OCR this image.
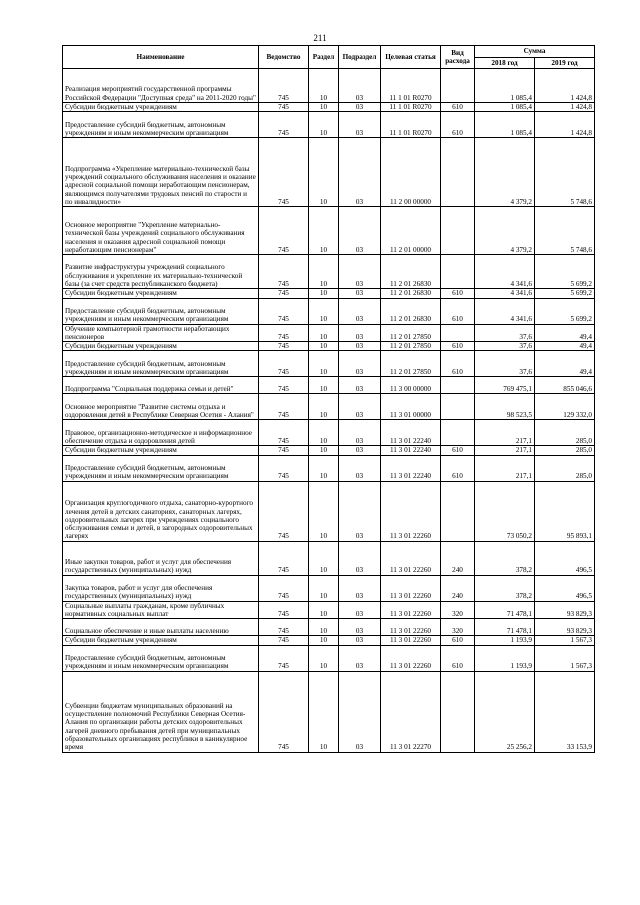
211
Наименование	Ведомство	Раздел	Подраздел	Целевая статья	Вид расхода	Сумма	
						2018 год	2019 год
Реализация мероприятий государственной программы Российской Федерации "Доступная среда" на 2011-2020 годы"	745	10	03	11 1 01 R0270		1 085,4	1 424,8
Субсидии бюджетным учреждениям	745	10	03	11 1 01 R0270	610	1 085,4	1 424,8
Предоставление субсидий бюджетным, автономным учреждениям и иным некоммерческим организациям	745	10	03	11 1 01 R0270	610	1 085,4	1 424,8
Подпрограмма «Укрепление материально-технической базы учреждений социального обслуживания населения и оказание адресной социальной помощи неработающим пенсионерам, являющимся получателями трудовых пенсий по старости и по инвалидности»	745	10	03	11 2 00 00000		4 379,2	5 748,6
Основное мероприятие "Укрепление материально-технической базы учреждений социального обслуживания населения и оказания адресной социальной помощи неработающим пенсионерам"	745	10	03	11 2 01 00000		4 379,2	5 748,6
Развитие инфраструктуры учреждений социального обслуживания и укрепление их материально-технической базы (за счет средств республиканского бюджета)	745	10	03	11 2 01 26830		4 341,6	5 699,2
Субсидии бюджетным учреждениям	745	10	03	11 2 01 26830	610	4 341,6	5 699,2
Предоставление субсидий бюджетным, автономным учреждениям и иным некоммерческим организациям	745	10	03	11 2 01 26830	610	4 341,6	5 699,2
Обучение компьютерной грамотности неработающих пенсионеров	745	10	03	11 2 01 27850		37,6	49,4
Субсидии бюджетным учреждениям	745	10	03	11 2 01 27850	610	37,6	49,4
Предоставление субсидий бюджетным, автономным учреждениям и иным некоммерческим организациям	745	10	03	11 2 01 27850	610	37,6	49,4
Подпрограмма "Социальная поддержка семьи и детей"	745	10	03	11 3 00 00000		769 475,1	855 046,6
Основное мероприятие "Развитие системы отдыха и оздоровления детей в Республике Северная Осетия - Алания"	745	10	03	11 3 01 00000		98 523,5	129 332,0
Правовое, организационно-методическое и информационное обеспечение отдыха и оздоровления детей	745	10	03	11 3 01 22240		217,1	285,0
Субсидии бюджетным учреждениям	745	10	03	11 3 01 22240	610	217,1	285,0
Предоставление субсидий бюджетным, автономным учреждениям и иным некоммерческим организациям	745	10	03	11 3 01 22240	610	217,1	285,0
Организация круглогодичного отдыха, санаторно-курортного лечения детей в детских санаториях, санаторных лагерях, оздоровительных лагерях при учреждениях социального обслуживания семьи и детей, в загородных оздоровительных лагерях	745	10	03	11 3 01 22260		73 050,2	95 893,1
Иные закупки товаров, работ и услуг для обеспечения государственных (муниципальных) нужд	745	10	03	11 3 01 22260	240	378,2	496,5
Закупка товаров, работ и услуг для обеспечения государственных (муниципальных) нужд	745	10	03	11 3 01 22260	240	378,2	496,5
Социальные выплаты гражданам, кроме публичных нормативных социальных выплат	745	10	03	11 3 01 22260	320	71 478,1	93 829,3
Социальное обеспечение и иные выплаты населению	745	10	03	11 3 01 22260	320	71 478,1	93 829,3
Субсидии бюджетным учреждениям	745	10	03	11 3 01 22260	610	1 193,9	1 567,3
Предоставление субсидий бюджетным, автономным учреждениям и иным некоммерческим организациям	745	10	03	11 3 01 22260	610	1 193,9	1 567,3
Субвенции бюджетам муниципальных образований на осуществление полномочий Республики Северная Осетия-Алания по организации работы детских оздоровительных лагерей дневного пребывания детей при муниципальных образовательных организациях республики в каникулярное время	745	10	03	11 3 01 22270		25 256,2	33 153,9
